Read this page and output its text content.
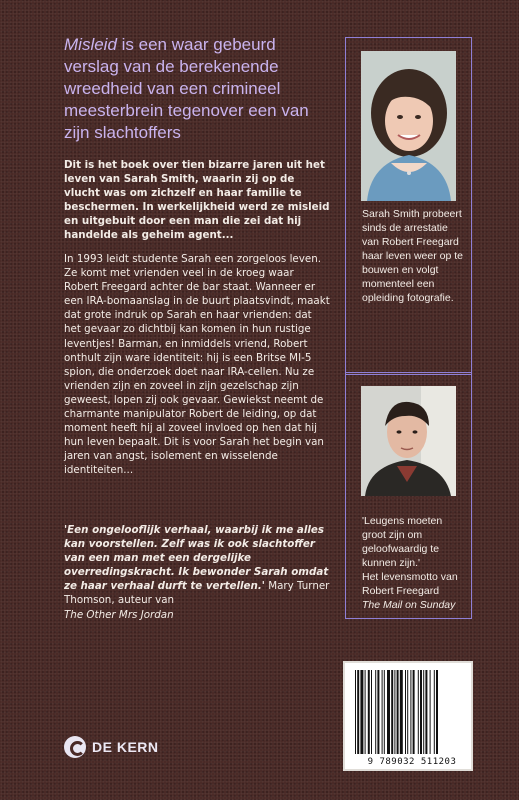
Misleid is een waar gebeurd verslag van de berekenende wreedheid van een crimineel meesterbrein tegenover een van zijn slachtoffers

Dit is het boek over tien bizarre jaren uit het leven van Sarah Smith, waarin zij op de vlucht was om zichzelf en haar familie te beschermen. In werkelijkheid werd ze misleid en uitgebuit door een man die zei dat hij handelde als geheim agent...

In 1993 leidt studente Sarah een zorgeloos leven. Ze komt met vrienden veel in de kroeg waar Robert Freegard achter de bar staat. Wanneer er een IRA-bomaanslag in de buurt plaatsvindt, maakt dat grote indruk op Sarah en haar vrienden: dat het gevaar zo dichtbij kan komen in hun rustige leventjes! Barman, en inmiddels vriend, Robert onthult zijn ware identiteit: hij is een Britse MI-5 spion, die onderzoek doet naar IRA-cellen. Nu ze vrienden zijn en zoveel in zijn gezelschap zijn geweest, lopen zij ook gevaar. Gewiekst neemt de charmante manipulator Robert de leiding, op dat moment heeft hij al zoveel invloed op hen dat hij hun leven bepaalt. Dit is voor Sarah het begin van jaren van angst, isolement en wisselende identiteiten...

'Een ongelooflijk verhaal, waarbij ik me alles kan voorstellen. Zelf was ik ook slachtoffer van een man met een dergelijke overredingskracht. Ik bewonder Sarah omdat ze haar verhaal durft te vertellen.' Mary Turner Thomson, auteur van
The Other Mrs Jordan

Sarah Smith probeert sinds de arrestatie van Robert Freegard haar leven weer op te bouwen en volgt momenteel een opleiding fotografie.

'Leugens moeten groot zijn om geloofwaardig te kunnen zijn.'
Het levensmotto van Robert Freegard
The Mail on Sunday

DE KERN
9 789032 511203
